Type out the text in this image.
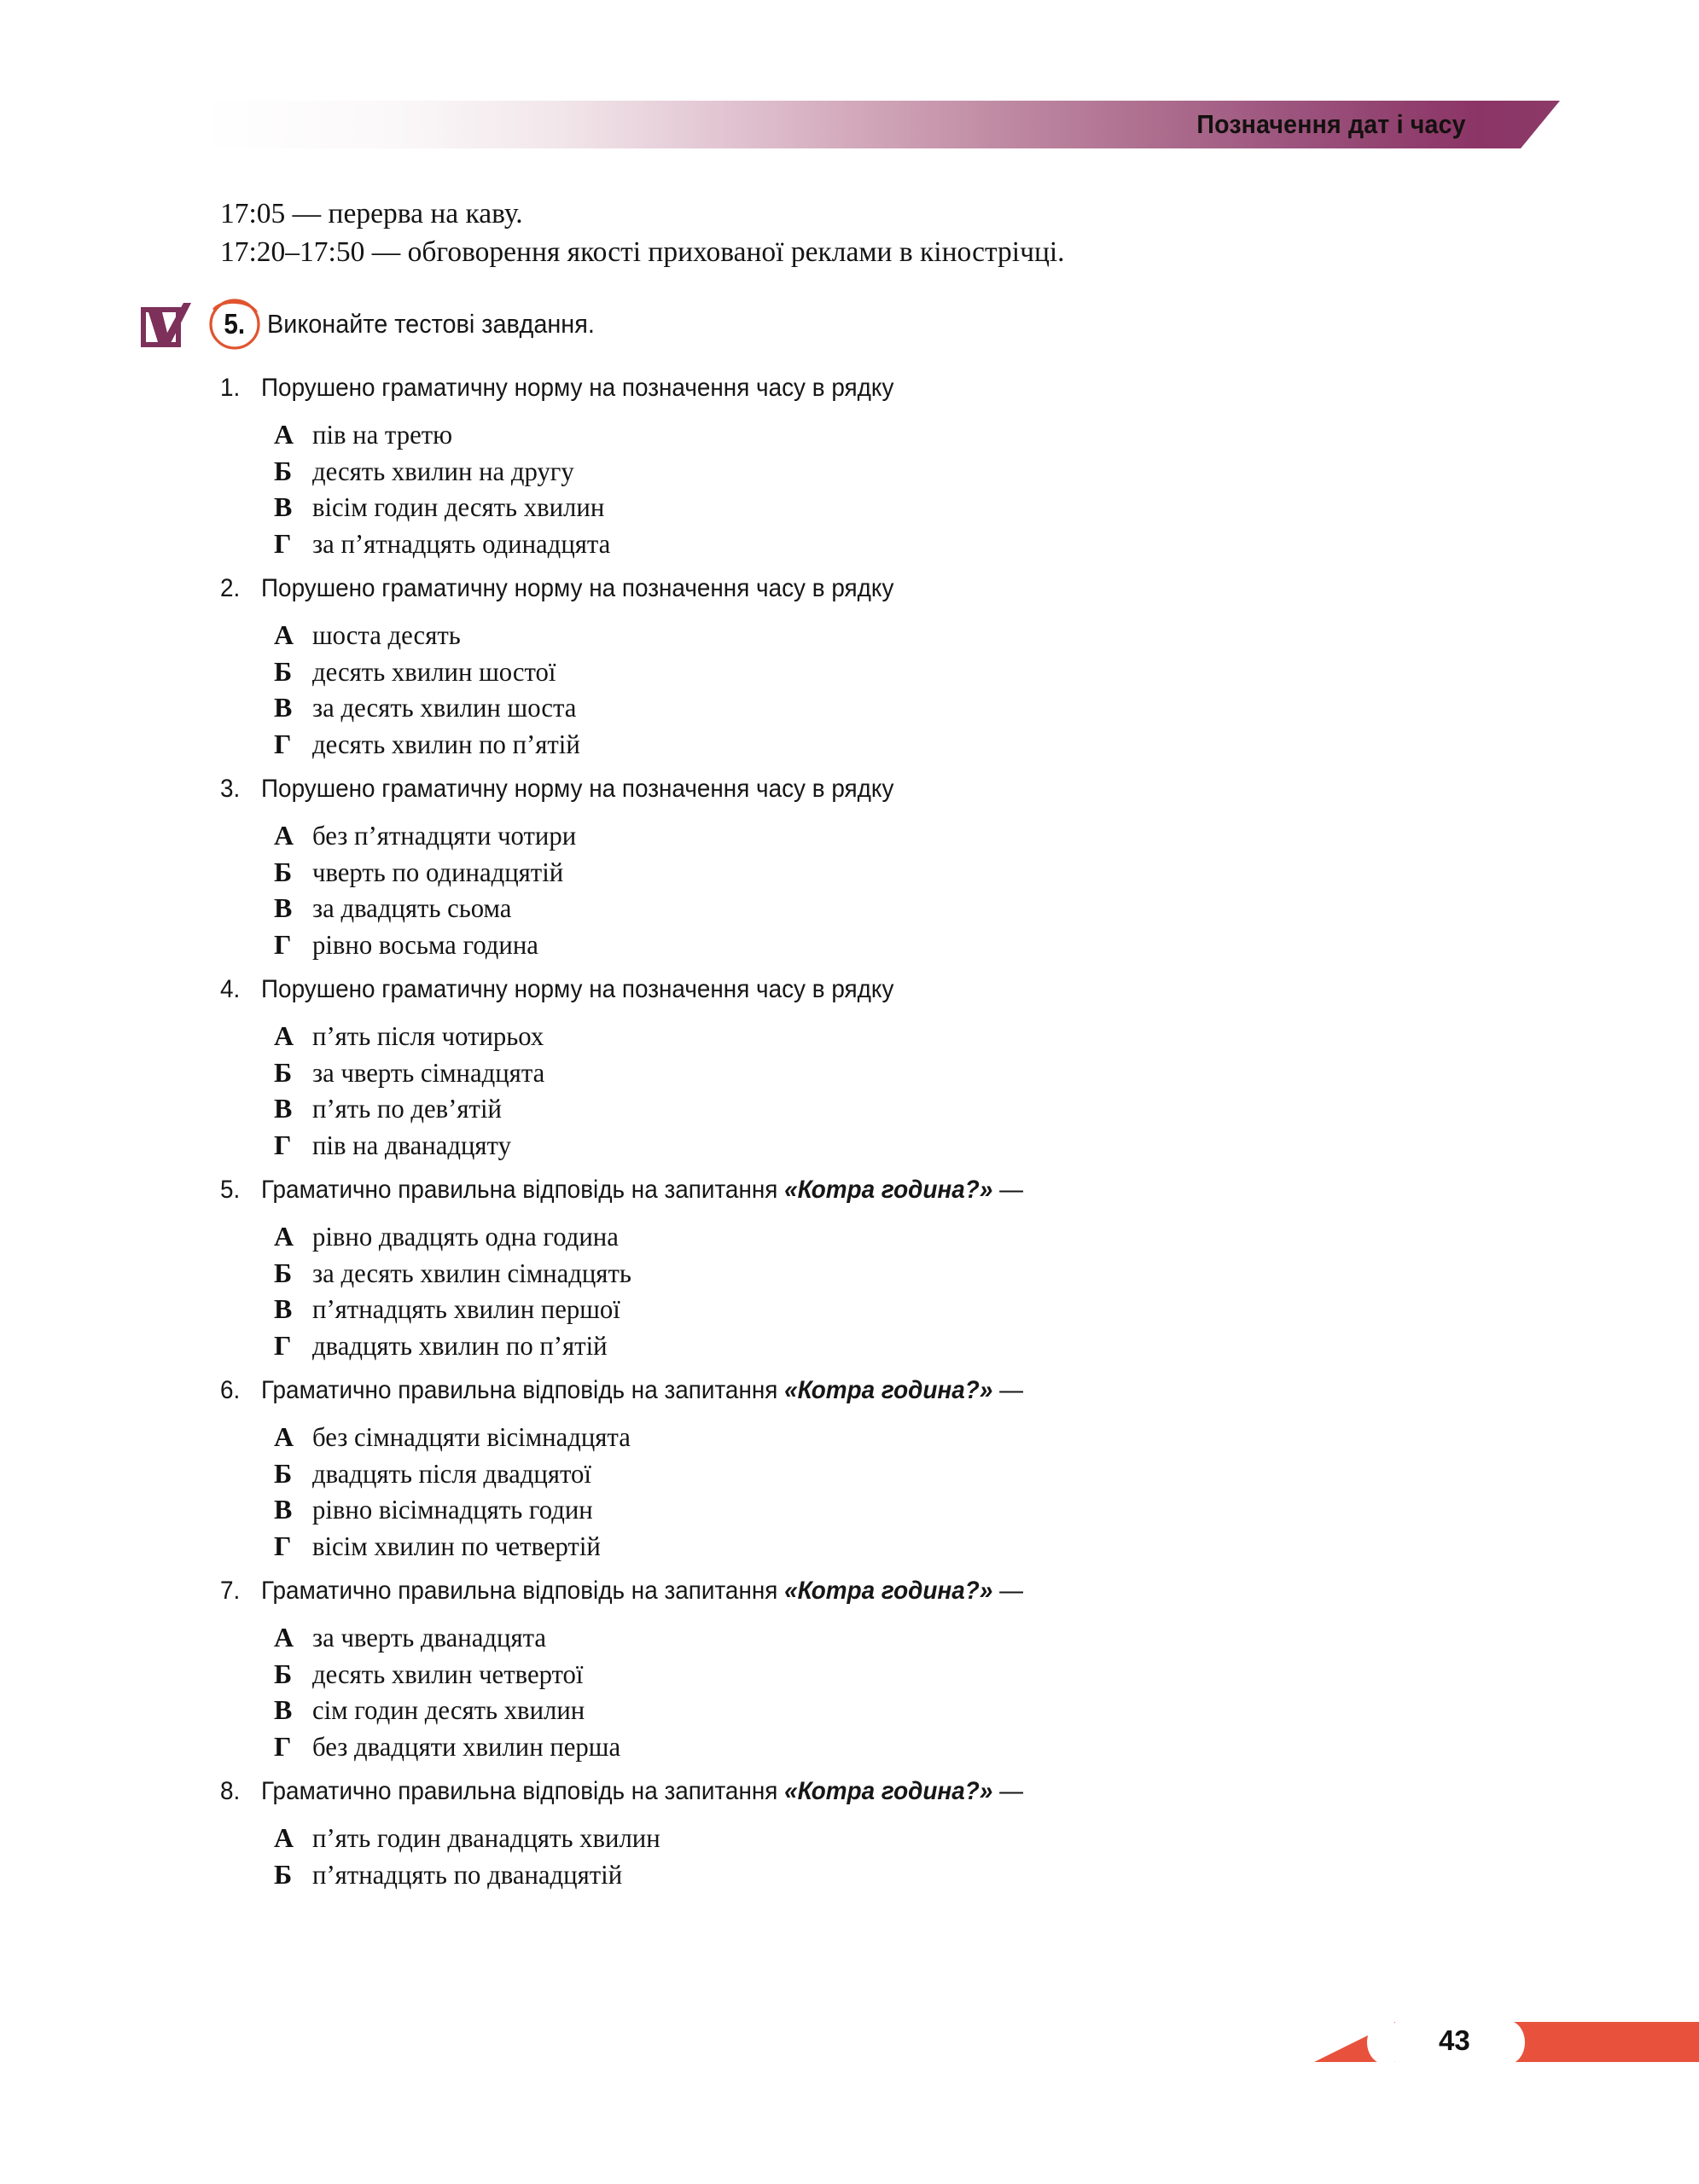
Позначення дат і часу
17:05 — перерва на каву.
17:20–17:50 — обговорення якості прихованої реклами в кінострічці.
5. Виконайте тестові завдання.
1. Порушено граматичну норму на позначення часу в рядку
А пів на третю
Б десять хвилин на другу
В вісім годин десять хвилин
Г за п’ятнадцять одинадцята
2. Порушено граматичну норму на позначення часу в рядку
А шоста десять
Б десять хвилин шостої
В за десять хвилин шоста
Г десять хвилин по п’ятій
3. Порушено граматичну норму на позначення часу в рядку
А без п’ятнадцяти чотири
Б чверть по одинадцятій
В за двадцять сьома
Г рівно восьма година
4. Порушено граматичну норму на позначення часу в рядку
А п’ять після чотирьох
Б за чверть сімнадцята
В п’ять по дев’ятій
Г пів на дванадцяту
5. Граматично правильна відповідь на запитання «Котра година?» —
А рівно двадцять одна година
Б за десять хвилин сімнадцять
В п’ятнадцять хвилин першої
Г двадцять хвилин по п’ятій
6. Граматично правильна відповідь на запитання «Котра година?» —
А без сімнадцяти вісімнадцята
Б двадцять після двадцятої
В рівно вісімнадцять годин
Г вісім хвилин по четвертій
7. Граматично правильна відповідь на запитання «Котра година?» —
А за чверть дванадцята
Б десять хвилин четвертої
В сім годин десять хвилин
Г без двадцяти хвилин перша
8. Граматично правильна відповідь на запитання «Котра година?» —
А п’ять годин дванадцять хвилин
Б п’ятнадцять по дванадцятій
43
